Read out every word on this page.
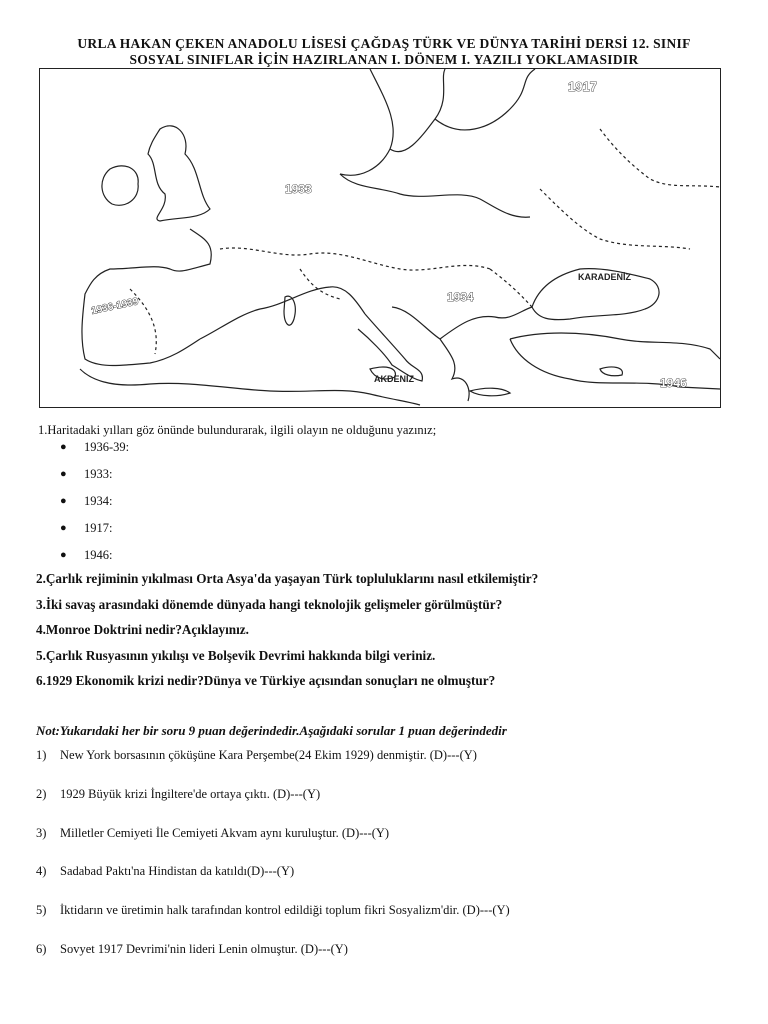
URLA HAKAN ÇEKEN ANADOLU LİSESİ ÇAĞDAŞ TÜRK VE DÜNYA TARİHİ DERSİ 12. SINIF
SOSYAL SINIFLAR İÇİN HAZIRLANAN I. DÖNEM I. YAZILI YOKLAMASIDIR
1917
1933
1934
1936-1939
1946
KARADENİZ
AKDENİZ
1.Haritadaki yılları göz önünde bulundurarak, ilgili olayın ne olduğunu yazınız;
●	1936-39:
●	1933:
●	1934:
●	1917:
●	1946:
2.Çarlık rejiminin yıkılması Orta Asya'da yaşayan Türk topluluklarını nasıl etkilemiştir?
3.İki savaş arasındaki dönemde dünyada hangi teknolojik gelişmeler görülmüştür?
4.Monroe Doktrini nedir?Açıklayınız.
5.Çarlık Rusyasının yıkılışı ve Bolşevik Devrimi hakkında bilgi veriniz.
6.1929 Ekonomik krizi nedir?Dünya ve Türkiye açısından sonuçları ne olmuştur?
Not:Yukarıdaki her bir soru 9 puan değerindedir.Aşağıdaki sorular 1 puan değerindedir
1)	New York borsasının çöküşüne Kara Perşembe(24 Ekim 1929) denmiştir. (D)---(Y)
2)	1929 Büyük krizi İngiltere'de ortaya çıktı. (D)---(Y)
3)	Milletler Cemiyeti İle Cemiyeti Akvam aynı kuruluştur. (D)---(Y)
4)	Sadabad Paktı'na Hindistan da katıldı(D)---(Y)
5)	İktidarın ve üretimin halk tarafından kontrol edildiği toplum fikri Sosyalizm'dir. (D)---(Y)
6)	Sovyet 1917 Devrimi'nin lideri Lenin olmuştur. (D)---(Y)
